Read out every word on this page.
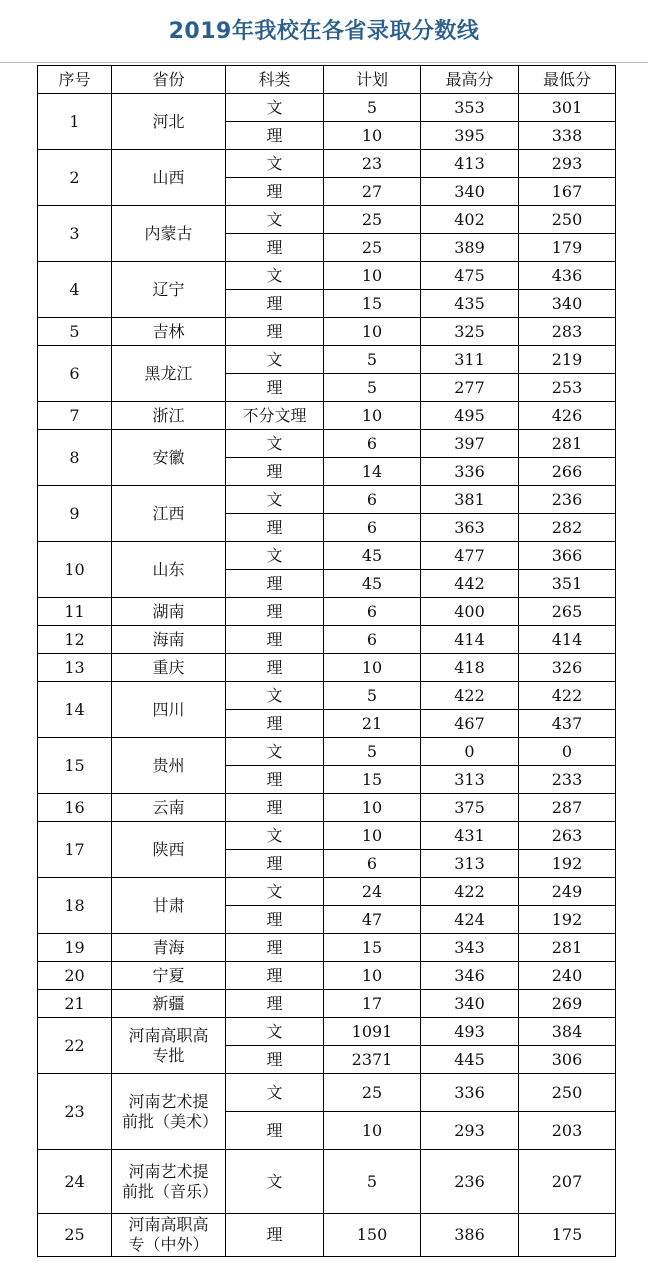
2019年我校在各省录取分数线
序号	省份	科类	计划	最高分	最低分
1	河北	文	5	353	301
		理	10	395	338
2	山西	文	23	413	293
		理	27	340	167
3	内蒙古	文	25	402	250
		理	25	389	179
4	辽宁	文	10	475	436
		理	15	435	340
5	吉林	理	10	325	283
6	黑龙江	文	5	311	219
		理	5	277	253
7	浙江	不分文理	10	495	426
8	安徽	文	6	397	281
		理	14	336	266
9	江西	文	6	381	236
		理	6	363	282
10	山东	文	45	477	366
		理	45	442	351
11	湖南	理	6	400	265
12	海南	理	6	414	414
13	重庆	理	10	418	326
14	四川	文	5	422	422
		理	21	467	437
15	贵州	文	5	0	0
		理	15	313	233
16	云南	理	10	375	287
17	陕西	文	10	431	263
		理	6	313	192
18	甘肃	文	24	422	249
		理	47	424	192
19	青海	理	15	343	281
20	宁夏	理	10	346	240
21	新疆	理	17	340	269
22	河南高职高专批	文	1091	493	384
		理	2371	445	306
23	河南艺术提前批（美术）	文	25	336	250
		理	10	293	203
24	河南艺术提前批（音乐）	文	5	236	207
25	河南高职高专（中外）	理	150	386	175
